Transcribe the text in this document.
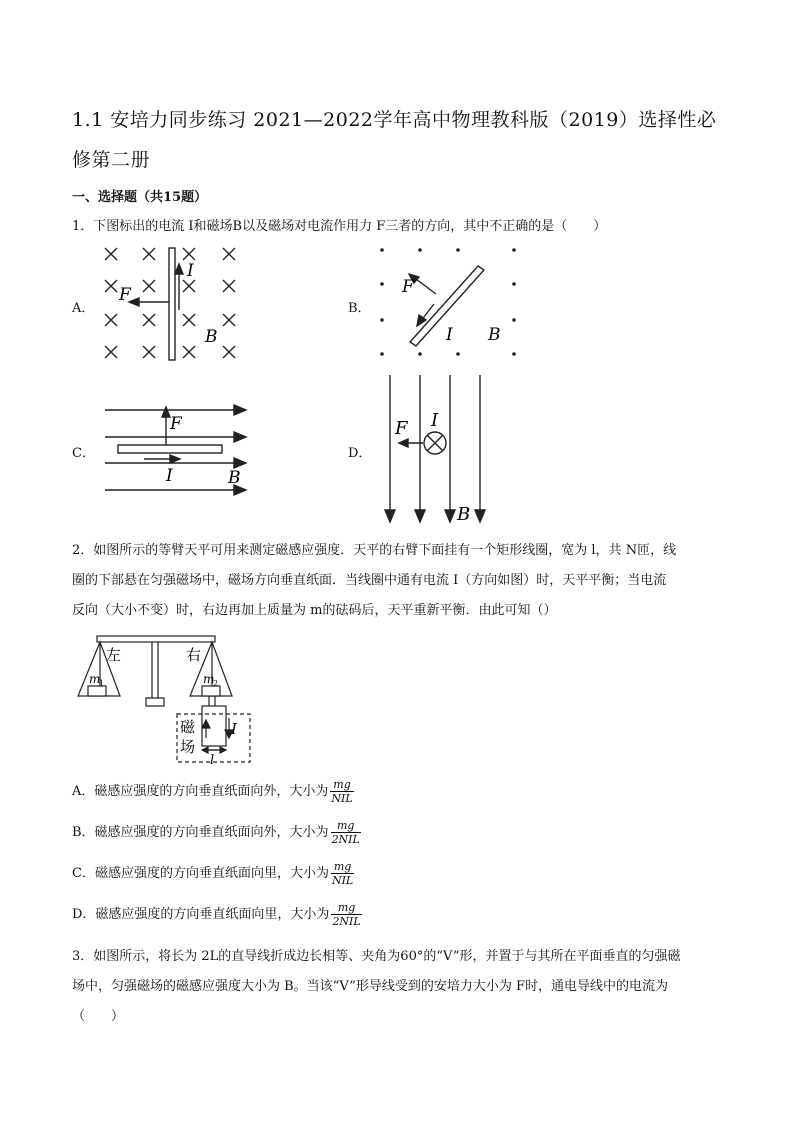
1.1 安培力同步练习 2021—2022学年高中物理教科版（2019）选择性必修第二册
一、选择题（共15题）
1．下图标出的电流 I和磁场B以及磁场对电流作用力 F三者的方向，其中不正确的是（　　）
A．
I
F
B
B．
F
I B
C．
F
I	B
D．
I
F
B
2．如图所示的等臂天平可用来测定磁感应强度．天平的右臂下面挂有一个矩形线圈，宽为 l，共 N匝，线
圈的下部悬在匀强磁场中，磁场方向垂直纸面．当线圈中通有电流 I（方向如图）时，天平平衡；当电流
反向（大小不变）时，右边再加上质量为 m的砝码后，天平重新平衡．由此可知（）
左	右
m
1	m
2
磁
场
I
l
A．磁感应强度的方向垂直纸面向外，大小为 $\frac{mg}{\text{NIL}}$
B．磁感应强度的方向垂直纸面向外，大小为 $\frac{mg}{\text{2NIL}}$
C．磁感应强度的方向垂直纸面向里，大小为 $\frac{mg}{\text{NIL}}$
D．磁感应强度的方向垂直纸面向里，大小为 $\frac{mg}{\text{2NIL}}$
3．如图所示，将长为 2L的直导线折成边长相等、夹角为60°的“V”形，并置于与其所在平面垂直的匀强磁
场中，匀强磁场的磁感应强度大小为 B。当该“V”形导线受到的安培力大小为 F时，通电导线中的电流为
（　　）
